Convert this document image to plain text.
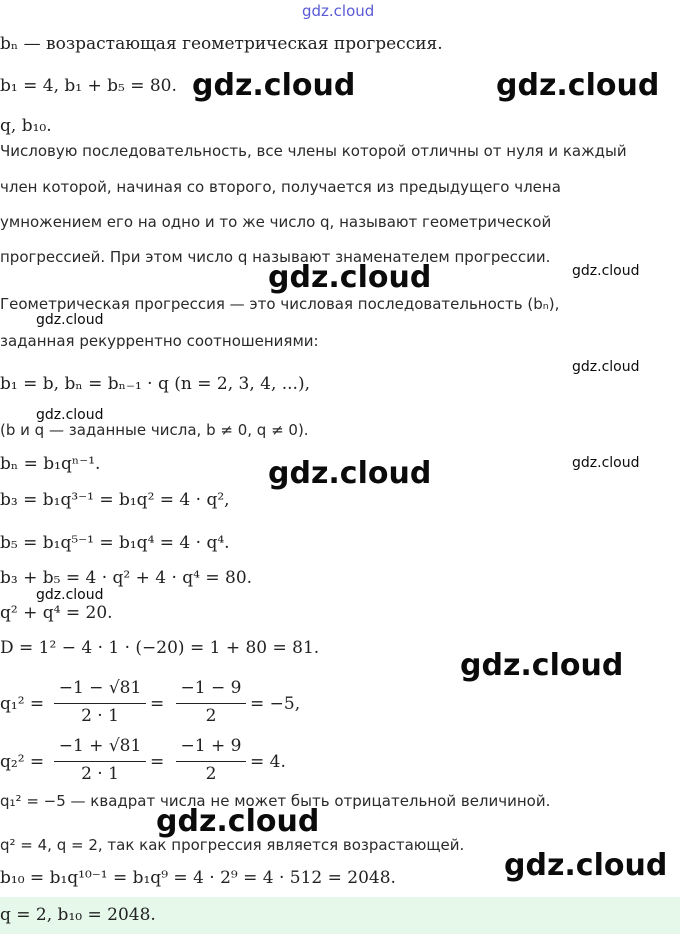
gdz.cloud
bₙ — возрастающая геометрическая прогрессия.
b₁ = 4, b₁ + b₅ = 80. gdz.cloud	gdz.cloud
q, b₁₀.
Числовую последовательность, все члены которой отличны от нуля и каждый
член которой, начиная со второго, получается из предыдущего члена
умножением его на одно и то же число q, называют геометрической
прогрессией. При этом число q называют знаменателем прогрессии.
gdz.cloud	gdz.cloud
Геометрическая прогрессия — это числовая последовательность (bₙ),
gdz.cloud
заданная рекуррентно соотношениями:
b₁ = b, bₙ = bₙ₋₁ · q (n = 2, 3, 4, ...),
gdz.cloud
gdz.cloud
(b и q — заданные числа, b ≠ 0, q ≠ 0).
bₙ = b₁qⁿ⁻¹.	gdz.cloud	gdz.cloud
b₃ = b₁q³⁻¹ = b₁q² = 4 · q²,
b₅ = b₁q⁵⁻¹ = b₁q⁴ = 4 · q⁴.
b₃ + b₅ = 4 · q² + 4 · q⁴ = 80.
gdz.cloud
q² + q⁴ = 20.
D = 1² − 4 · 1 · (−20) = 1 + 80 = 81.	gdz.cloud
q₁² =
−1 − √81
2 · 1
=
−1 − 9
2
= −5,
q₂² =
−1 + √81
2 · 1
=
−1 + 9
2
= 4.
q₁² = −5 — квадрат числа не может быть отрицательной величиной.
gdz.cloud
q² = 4, q = 2, так как прогрессия является возрастающей.
gdz.cloud
b₁₀ = b₁q¹⁰⁻¹ = b₁q⁹ = 4 · 2⁹ = 4 · 512 = 2048.
q = 2, b₁₀ = 2048.
